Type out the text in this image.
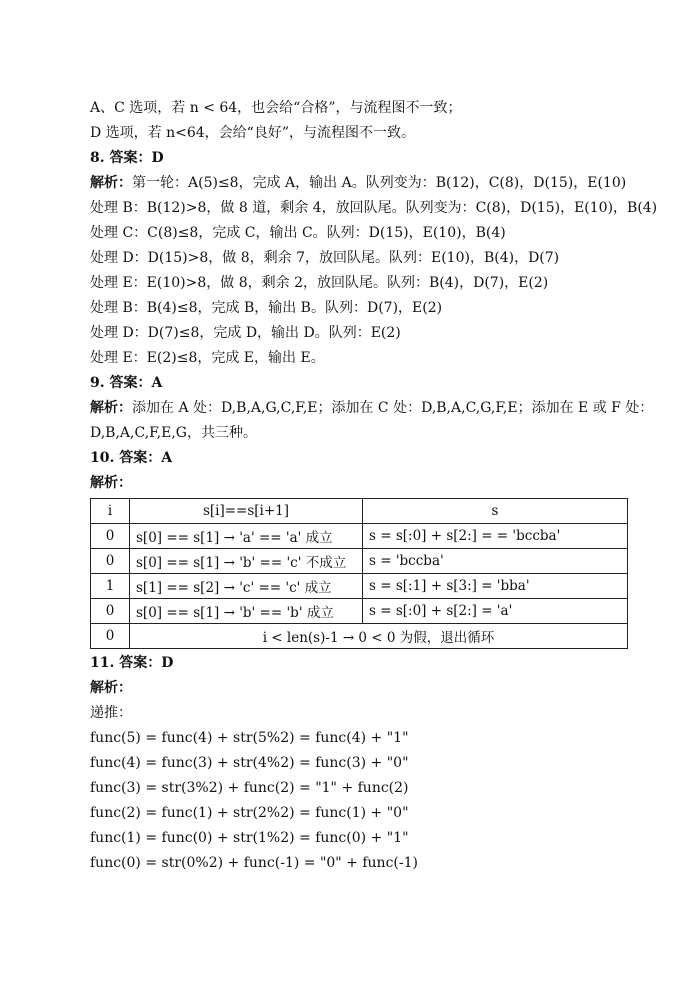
A、C 选项，若 n < 64，也会给“合格”，与流程图不一致；
D 选项，若 n<64，会给“良好”，与流程图不一致。
8. 答案：D
解析：第一轮：A(5)≤8，完成 A，输出 A。队列变为：B(12)，C(8)，D(15)，E(10)
处理 B：B(12)>8，做 8 道，剩余 4，放回队尾。队列变为：C(8)，D(15)，E(10)，B(4)
处理 C：C(8)≤8，完成 C，输出 C。队列：D(15)，E(10)，B(4)
处理 D：D(15)>8，做 8，剩余 7，放回队尾。队列：E(10)，B(4)，D(7)
处理 E：E(10)>8，做 8，剩余 2，放回队尾。队列：B(4)，D(7)，E(2)
处理 B：B(4)≤8，完成 B，输出 B。队列：D(7)，E(2)
处理 D：D(7)≤8，完成 D，输出 D。队列：E(2)
处理 E：E(2)≤8，完成 E，输出 E。
9. 答案：A
解析：添加在 A 处：D,B,A,G,C,F,E；添加在 C 处：D,B,A,C,G,F,E；添加在 E 或 F 处：
D,B,A,C,F,E,G，共三种。
10. 答案：A
解析：
i	s[i]==s[i+1]	s
0	s[0] == s[1] → 'a' == 'a' 成立	s = s[:0] + s[2:] = = 'bccba'
0	s[0] == s[1] → 'b' == 'c' 不成立	s = 'bccba'
1	s[1] == s[2] → 'c' == 'c' 成立	s = s[:1] + s[3:] = 'bba'
0	s[0] == s[1] → 'b' == 'b' 成立	s = s[:0] + s[2:] = 'a'
0	i < len(s)-1 → 0 < 0 为假，退出循环	
11. 答案：D
解析：
递推：
func(5) = func(4) + str(5%2) = func(4) + "1"
func(4) = func(3) + str(4%2) = func(3) + "0"
func(3) = str(3%2) + func(2) = "1" + func(2)
func(2) = func(1) + str(2%2) = func(1) + "0"
func(1) = func(0) + str(1%2) = func(0) + "1"
func(0) = str(0%2) + func(-1) = "0" + func(-1)
